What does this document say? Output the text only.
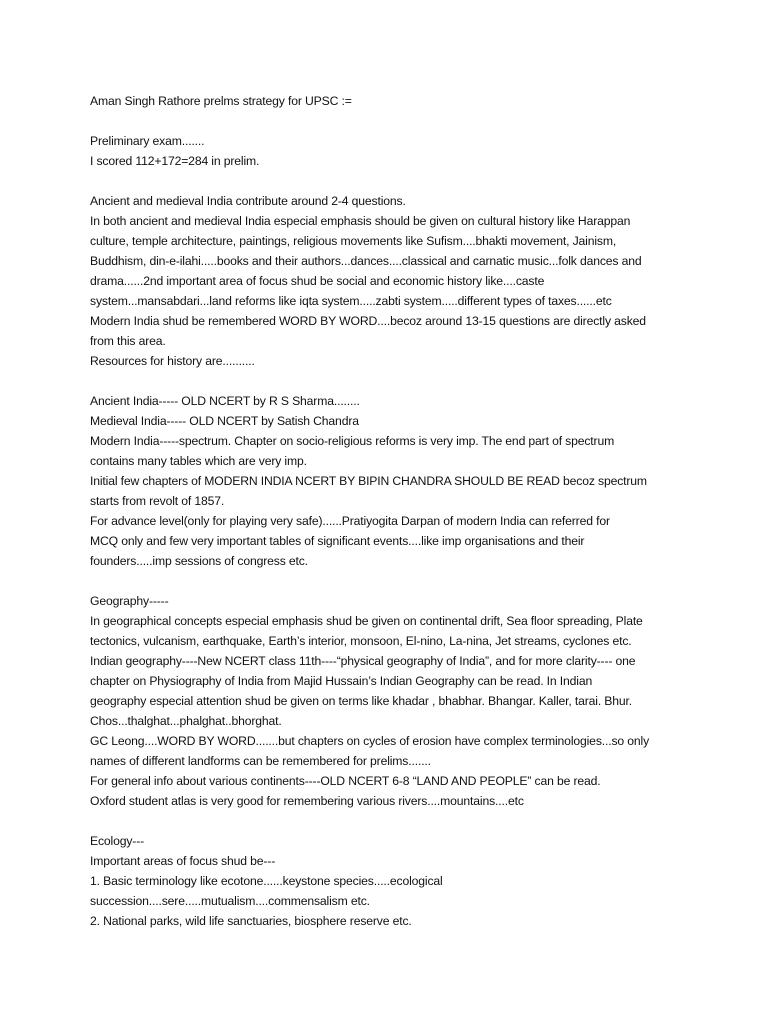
Aman Singh Rathore prelms strategy for UPSC :=
Preliminary exam.......
I scored 112+172=284 in prelim.
Ancient and medieval India contribute around 2-4 questions.
In both ancient and medieval India especial emphasis should be given on cultural history like Harappan
culture, temple architecture, paintings, religious movements like Sufism....bhakti movement, Jainism,
Buddhism, din-e-ilahi.....books and their authors...dances....classical and carnatic music...folk dances and
drama......2nd important area of focus shud be social and economic history like....caste
system...mansabdari...land reforms like iqta system.....zabti system.....different types of taxes......etc
Modern India shud be remembered WORD BY WORD....becoz around 13-15 questions are directly asked
from this area.
Resources for history are..........
Ancient India----- OLD NCERT by R S Sharma........
Medieval India----- OLD NCERT by Satish Chandra
Modern India-----spectrum. Chapter on socio-religious reforms is very imp. The end part of spectrum
contains many tables which are very imp.
Initial few chapters of MODERN INDIA NCERT BY BIPIN CHANDRA SHOULD BE READ becoz spectrum
starts from revolt of 1857.
For advance level(only for playing very safe)......Pratiyogita Darpan of modern India can referred for
MCQ only and few very important tables of significant events....like imp organisations and their
founders.....imp sessions of congress etc.
Geography-----
In geographical concepts especial emphasis shud be given on continental drift, Sea floor spreading, Plate
tectonics, vulcanism, earthquake, Earth’s interior, monsoon, El-nino, La-nina, Jet streams, cyclones etc.
Indian geography----New NCERT class 11th----“physical geography of India”, and for more clarity---- one
chapter on Physiography of India from Majid Hussain’s Indian Geography can be read. In Indian
geography especial attention shud be given on terms like khadar , bhabhar. Bhangar. Kaller, tarai. Bhur.
Chos...thalghat...phalghat..bhorghat.
GC Leong....WORD BY WORD.......but chapters on cycles of erosion have complex terminologies...so only
names of different landforms can be remembered for prelims.......
For general info about various continents----OLD NCERT 6-8 “LAND AND PEOPLE” can be read.
Oxford student atlas is very good for remembering various rivers....mountains....etc
Ecology---
Important areas of focus shud be---
1. Basic terminology like ecotone......keystone species.....ecological
succession....sere.....mutualism....commensalism etc.
2. National parks, wild life sanctuaries, biosphere reserve etc.
